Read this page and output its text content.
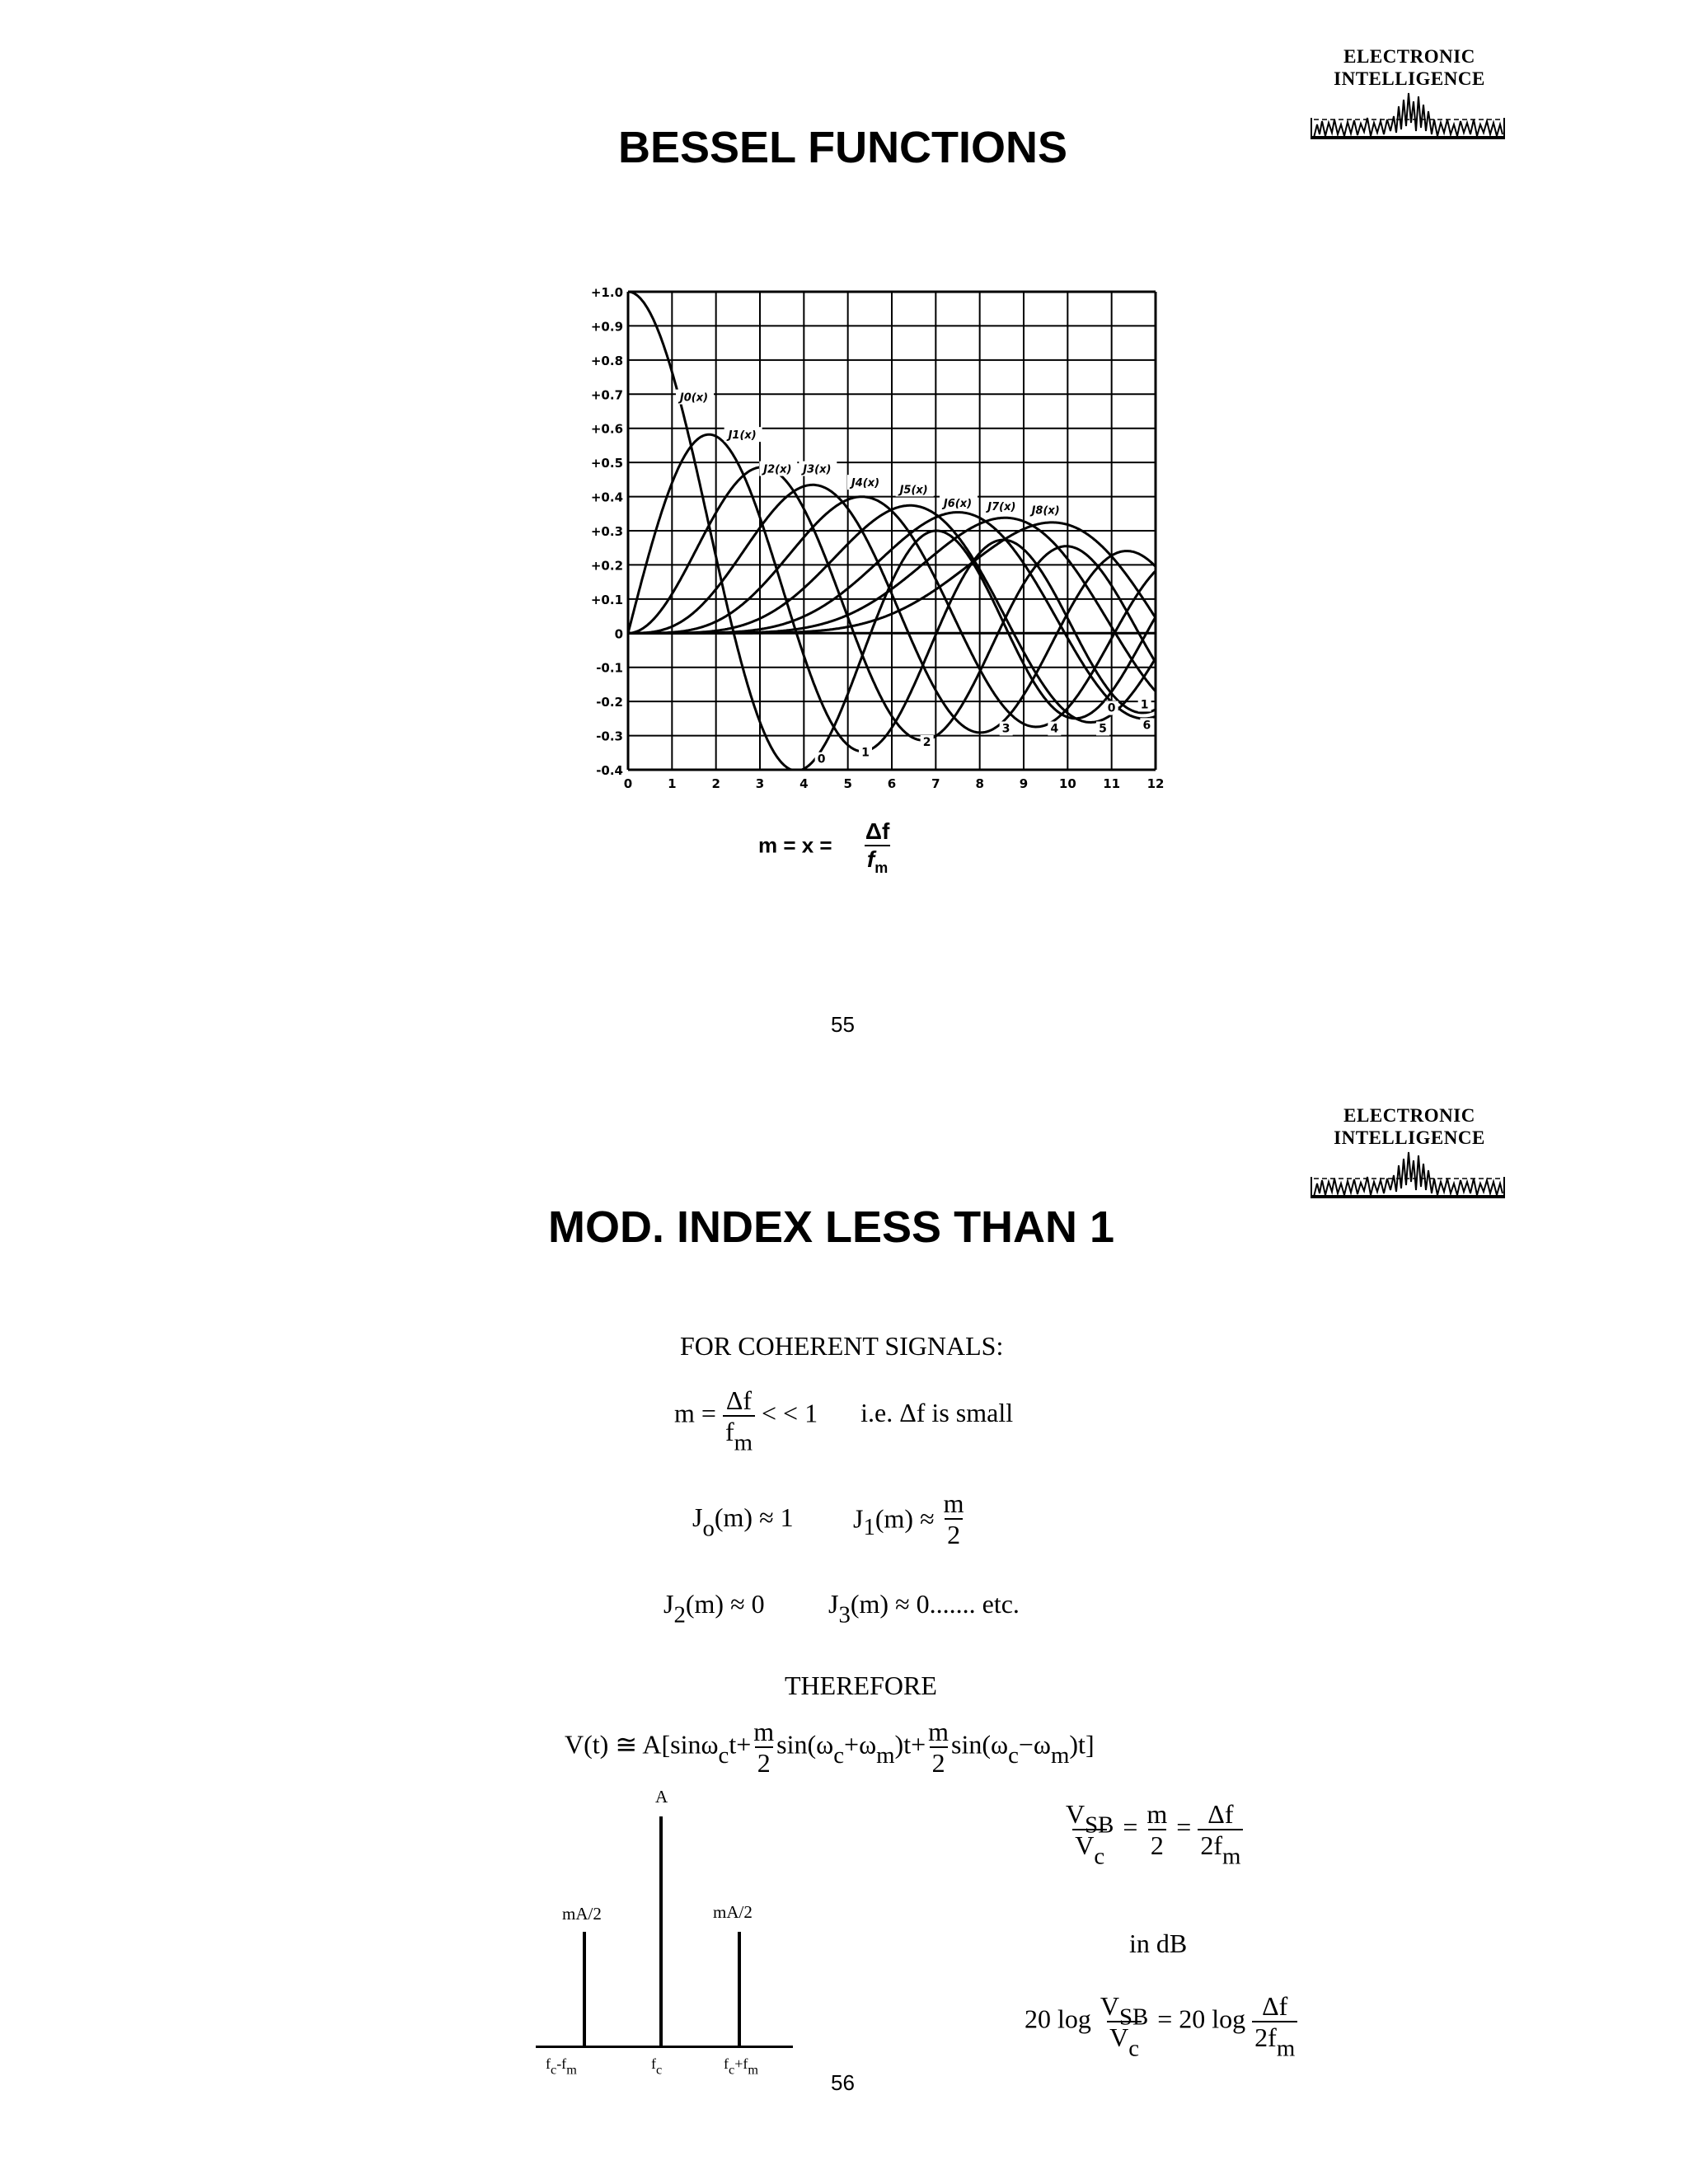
ELECTRONIC
INTELLIGENCE
BESSEL FUNCTIONS
+1.0
+0.9
+0.8
+0.7
+0.6
+0.5
+0.4
+0.3
+0.2
+0.1
0
-0.1
-0.2
-0.3
-0.4
0	1	2	3	4	5	6	7	8	9	10 11 12
J0(x)
J1(x)
J2(x) J3(x)
J4(x)
J5(x)
J6(x) J7(x) J8(x)
0
1
2
3	4	5	6
0 1
$m = x = \frac{\Delta f}{f_m}$
55
ELECTRONIC
INTELLIGENCE
MOD. INDEX LESS THAN 1
FOR COHERENT SIGNALS:
$m = \frac{\Delta f}{f_m}$ < < 1 i.e. Δf is small
$J_o(m) \approx 1$ $J_1(m) \approx \frac{m}{2}$
$J_2(m) \approx 0$ $J_3(m) \approx 0$....... etc.
THEREFORE
V(t) ≅ $A[\sin\omega_ct+ \frac{m}{2} \sin(\omega_c+\omega_m)t+ \frac{m}{2} \sin(\omega_c-\omega_m)t]$
A
mA/2	mA/2
$f_c-f_m$	$f_c$	$f_c+f_m$
$\frac{V_{SB}}{V_c} = \frac{m}{2} = \frac{\Delta f}{2f_m}$
in dB
20 $\log \frac{V_{SB}}{V_c} = 20$ $\log \frac{\Delta f}{2f_m}$
56
